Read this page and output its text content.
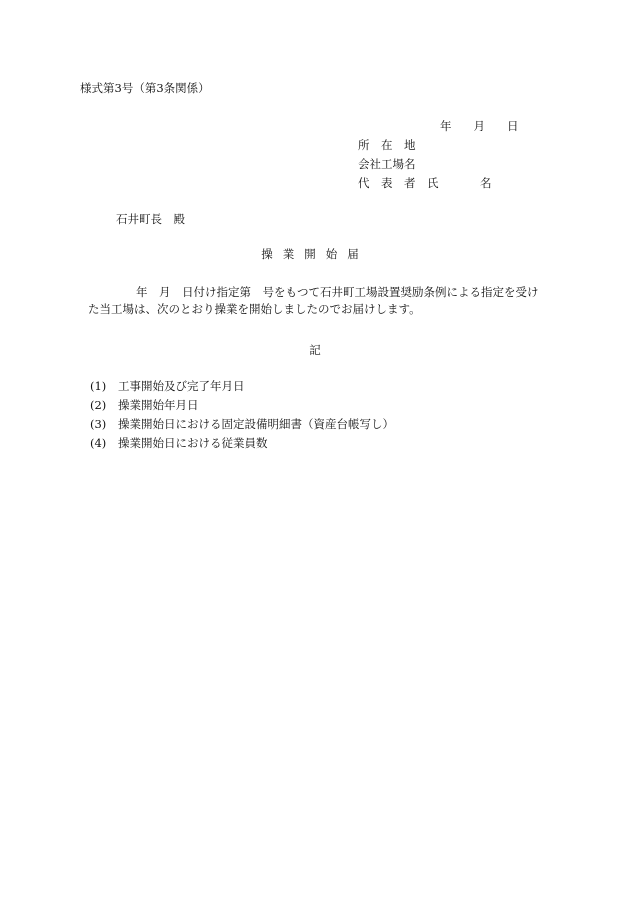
様式第3号（第3条関係）
年 月 日
所　在　地
会社工場名
代　表　者　氏	名
石井町長　殿
操業開始届
年　月　日付け指定第　号をもつて石井町工場設置奨励条例による指定を受け
た当工場は、次のとおり操業を開始しましたのでお届けします。
記
(1)	工事開始及び完了年月日
(2)	操業開始年月日
(3)	操業開始日における固定設備明細書（資産台帳写し）
(4)	操業開始日における従業員数
